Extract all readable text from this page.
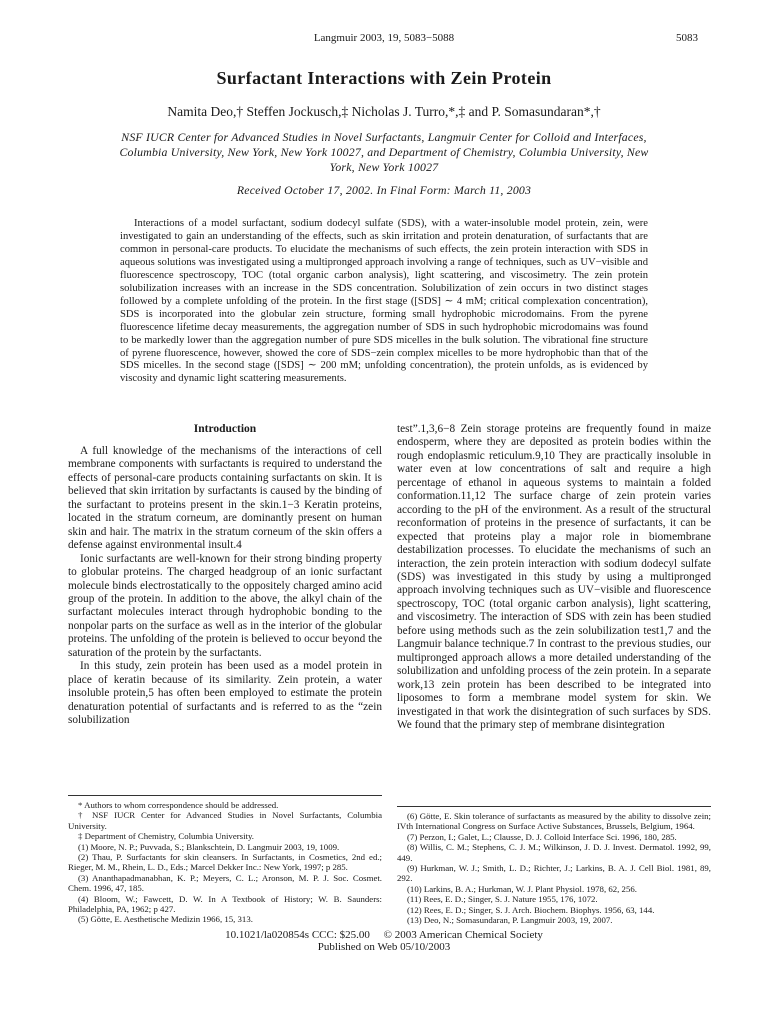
Langmuir 2003, 19, 5083−5088	5083
Surfactant Interactions with Zein Protein

Namita Deo,† Steffen Jockusch,‡ Nicholas J. Turro,*,‡ and P. Somasundaran*,†

NSF IUCR Center for Advanced Studies in Novel Surfactants, Langmuir Center for Colloid and Interfaces, Columbia University, New York, New York 10027, and Department of Chemistry, Columbia University, New York, New York 10027

Received October 17, 2002. In Final Form: March 11, 2003

Interactions of a model surfactant, sodium dodecyl sulfate (SDS), with a water-insoluble model protein, zein, were investigated to gain an understanding of the effects, such as skin irritation and protein denaturation, of surfactants that are common in personal-care products. To elucidate the mechanisms of such effects, the zein protein interaction with SDS in aqueous solutions was investigated using a multipronged approach involving a range of techniques, such as UV−visible and fluorescence spectroscopy, TOC (total organic carbon analysis), light scattering, and viscosimetry. The zein protein solubilization increases with an increase in the SDS concentration. Solubilization of zein occurs in two distinct stages followed by a complete unfolding of the protein. In the first stage ([SDS] ∼ 4 mM; critical complexation concentration), SDS is incorporated into the globular zein structure, forming small hydrophobic microdomains. From the pyrene fluorescence lifetime decay measurements, the aggregation number of SDS in such hydrophobic microdomains was found to be markedly lower than the aggregation number of pure SDS micelles in the bulk solution. The vibrational fine structure of pyrene fluorescence, however, showed the core of SDS−zein complex micelles to be more hydrophobic than that of the SDS micelles. In the second stage ([SDS] ∼ 200 mM; unfolding concentration), the protein unfolds, as is evidenced by viscosity and dynamic light scattering measurements.

Introduction

A full knowledge of the mechanisms of the interactions of cell membrane components with surfactants is required to understand the effects of personal-care products containing surfactants on skin. It is believed that skin irritation by surfactants is caused by the binding of the surfactant to proteins present in the skin.1−3 Keratin proteins, located in the stratum corneum, are dominantly present on human skin and hair. The matrix in the stratum corneum of the skin offers a defense against environmental insult.4

Ionic surfactants are well-known for their strong binding property to globular proteins. The charged headgroup of an ionic surfactant molecule binds electrostatically to the oppositely charged amino acid group of the protein. In addition to the above, the alkyl chain of the surfactant molecules interact through hydrophobic bonding to the nonpolar parts on the surface as well as in the interior of the globular proteins. The unfolding of the protein is believed to occur beyond the saturation of the protein by the surfactants.

In this study, zein protein has been used as a model protein in place of keratin because of its similarity. Zein protein, a water insoluble protein,5 has often been employed to estimate the protein denaturation potential of surfactants and is referred to as the “zein solubilization

test”.1,3,6−8 Zein storage proteins are frequently found in maize endosperm, where they are deposited as protein bodies within the rough endoplasmic reticulum.9,10 They are practically insoluble in water even at low concentrations of salt and require a high percentage of ethanol in aqueous systems to maintain a folded conformation.11,12 The surface charge of zein protein varies according to the pH of the environment. As a result of the structural reconformation of proteins in the presence of surfactants, it can be expected that proteins play a major role in biomembrane destabilization processes. To elucidate the mechanisms of such an interaction, the zein protein interaction with sodium dodecyl sulfate (SDS) was investigated in this study by using a multipronged approach involving techniques such as UV−visible and fluorescence spectroscopy, TOC (total organic carbon analysis), light scattering, and viscosimetry. The interaction of SDS with zein has been studied before using methods such as the zein solubilization test1,7 and the Langmuir balance technique.7 In contrast to the previous studies, our multipronged approach allows a more detailed understanding of the solubilization and unfolding process of the zein protein. In a separate work,13 zein protein has been described to be integrated into liposomes to form a membrane model system for skin. We investigated in that work the disintegration of such surfaces by SDS. We found that the primary step of membrane disintegration

* Authors to whom correspondence should be addressed.

† NSF IUCR Center for Advanced Studies in Novel Surfactants, Columbia University.

‡ Department of Chemistry, Columbia University.

(1) Moore, N. P.; Puvvada, S.; Blankschtein, D. Langmuir 2003, 19, 1009.

(2) Thau, P. Surfactants for skin cleansers. In Surfactants, in Cosmetics, 2nd ed.; Rieger, M. M., Rhein, L. D., Eds.; Marcel Dekker Inc.: New York, 1997; p 285.

(3) Ananthapadmanabhan, K. P.; Meyers, C. L.; Aronson, M. P. J. Soc. Cosmet. Chem. 1996, 47, 185.

(4) Bloom, W.; Fawcett, D. W. In A Textbook of History; W. B. Saunders: Philadelphia, PA, 1962; p 427.

(5) Götte, E. Aesthetische Medizin 1966, 15, 313.

(6) Götte, E. Skin tolerance of surfactants as measured by the ability to dissolve zein; IVth International Congress on Surface Active Substances, Brussels, Belgium, 1964.

(7) Perzon, I.; Galet, L.; Clausse, D. J. Colloid Interface Sci. 1996, 180, 285.

(8) Willis, C. M.; Stephens, C. J. M.; Wilkinson, J. D. J. Invest. Dermatol. 1992, 99, 449.

(9) Hurkman, W. J.; Smith, L. D.; Richter, J.; Larkins, B. A. J. Cell Biol. 1981, 89, 292.

(10) Larkins, B. A.; Hurkman, W. J. Plant Physiol. 1978, 62, 256.

(11) Rees, E. D.; Singer, S. J. Nature 1955, 176, 1072.

(12) Rees, E. D.; Singer, S. J. Arch. Biochem. Biophys. 1956, 63, 144.

(13) Deo, N.; Somasundaran, P. Langmuir 2003, 19, 2007.

10.1021/la020854s CCC: $25.00     © 2003 American Chemical Society

Published on Web 05/10/2003
